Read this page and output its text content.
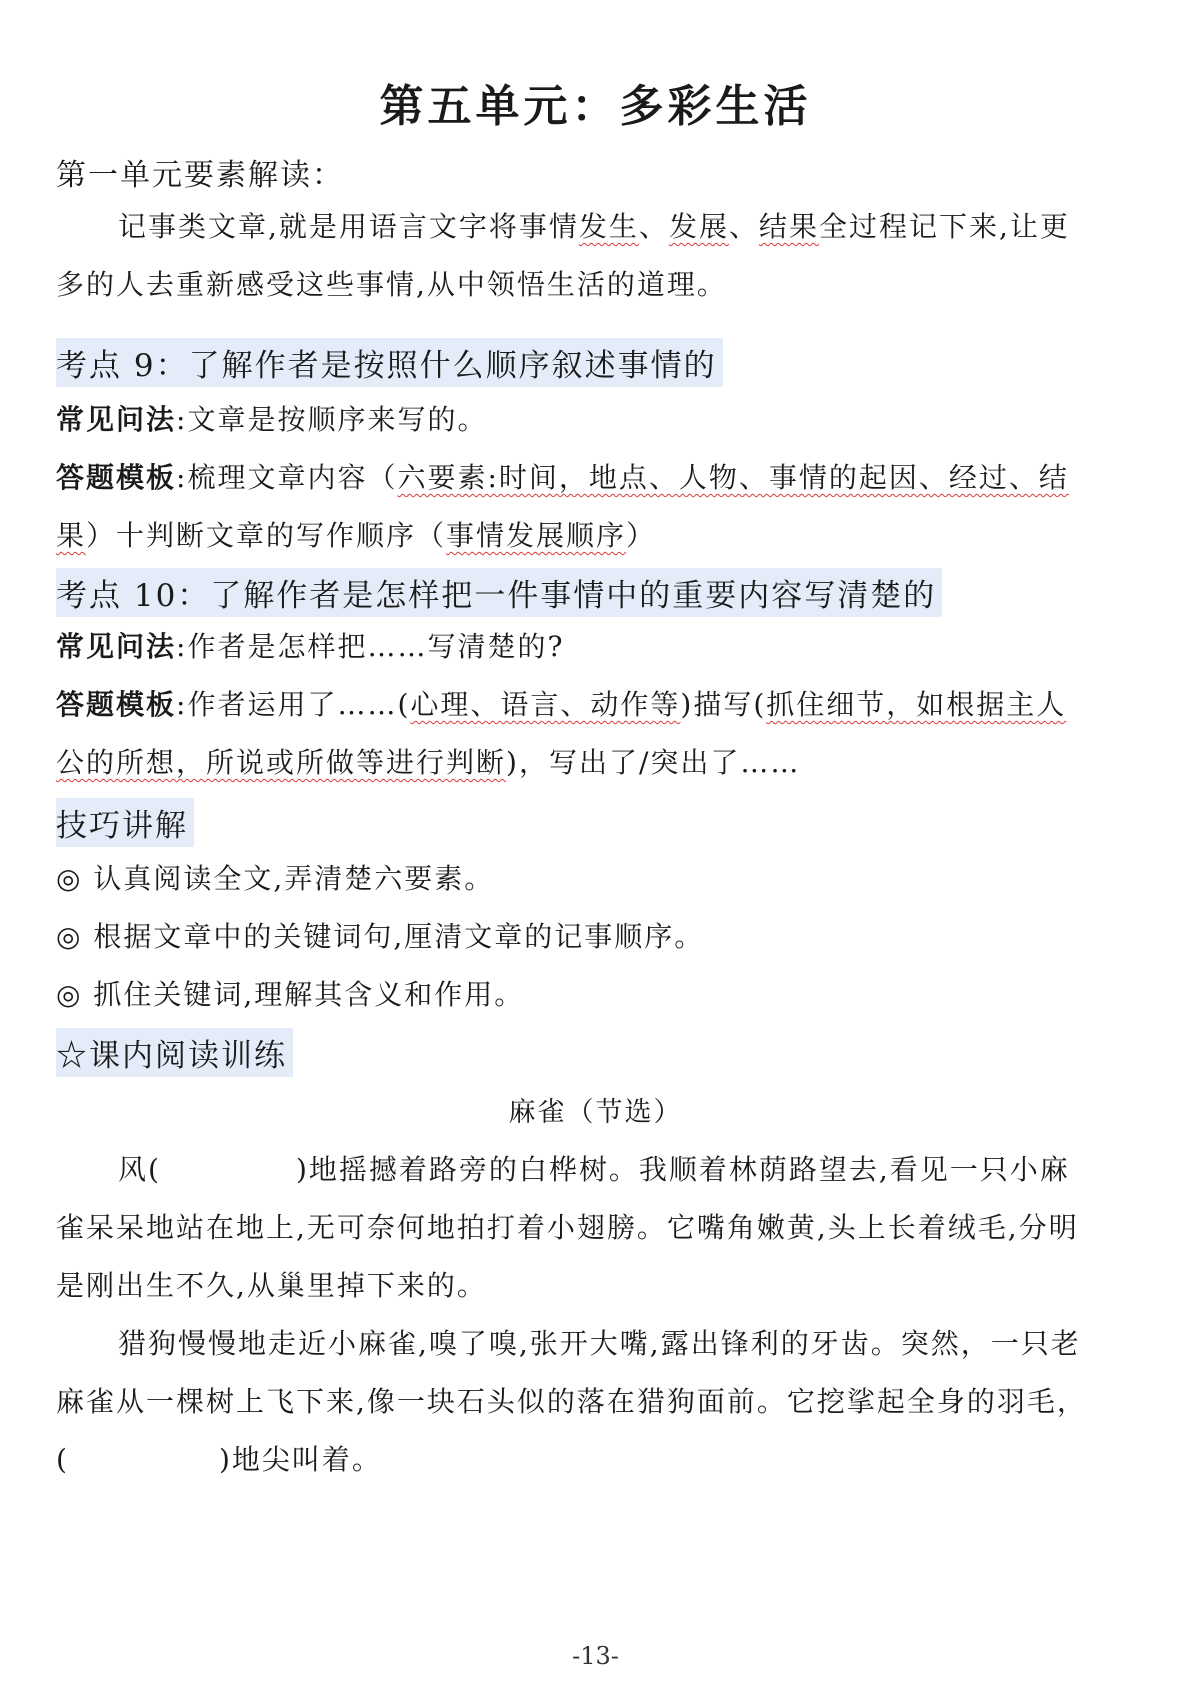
第五单元：多彩生活
第一单元要素解读：
记事类文章,就是用语言文字将事情发生、发展、结果全过程记下来,让更
多的人去重新感受这些事情,从中领悟生活的道理。
考点 9：了解作者是按照什么顺序叙述事情的
常见问法:文章是按顺序来写的。
答题模板:梳理文章内容（六要素:时间，地点、人物、事情的起因、经过、结
果）十判断文章的写作顺序（事情发展顺序）
考点 10：了解作者是怎样把一件事情中的重要内容写清楚的
常见问法:作者是怎样把……写清楚的?
答题模板:作者运用了……(心理、语言、动作等)描写(抓住细节，如根据主人
公的所想，所说或所做等进行判断)，写出了/突出了……
技巧讲解
◎ 认真阅读全文,弄清楚六要素。
◎ 根据文章中的关键词句,厘清文章的记事顺序。
◎ 抓住关键词,理解其含义和作用。
☆课内阅读训练
麻雀（节选）
风(	)地摇撼着路旁的白桦树。我顺着林荫路望去,看见一只小麻
雀呆呆地站在地上,无可奈何地拍打着小翅膀。它嘴角嫩黄,头上长着绒毛,分明
是刚出生不久,从巢里掉下来的。
猎狗慢慢地走近小麻雀,嗅了嗅,张开大嘴,露出锋利的牙齿。突然，一只老
麻雀从一棵树上飞下来,像一块石头似的落在猎狗面前。它挖挲起全身的羽毛，
(	)地尖叫着。
-13-
